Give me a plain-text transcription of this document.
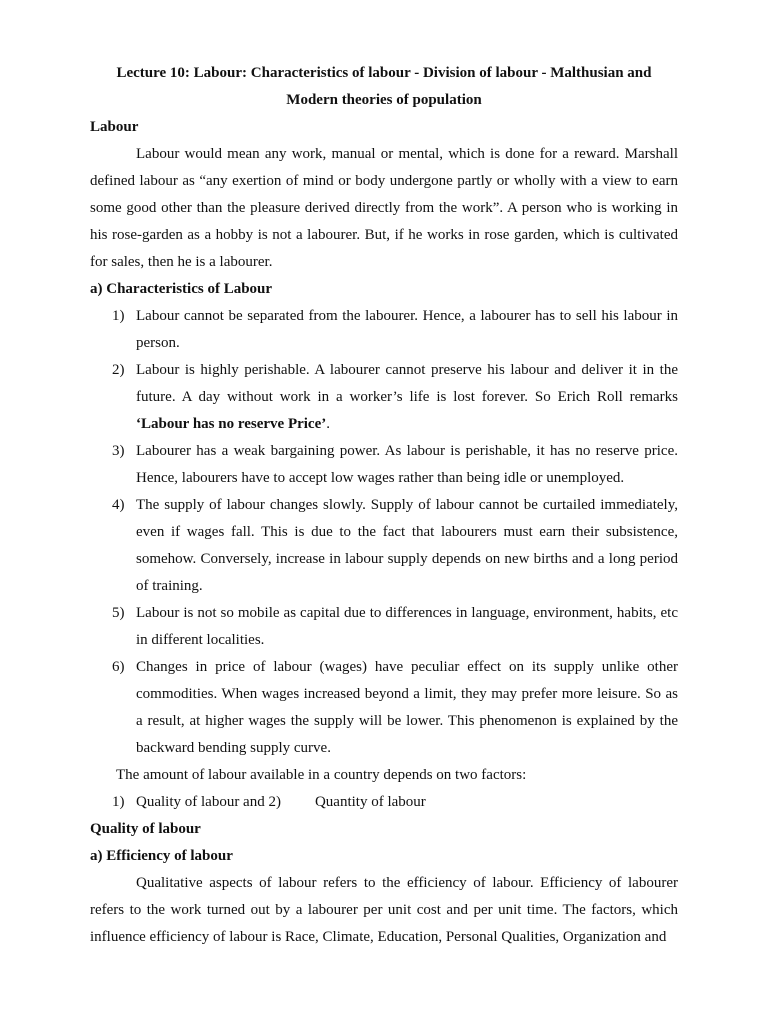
Lecture 10: Labour: Characteristics of labour - Division of labour - Malthusian and
Modern theories of population
Labour

Labour would mean any work, manual or mental, which is done for a reward. Marshall defined labour as “any exertion of mind or body undergone partly or wholly with a view to earn some good other than the pleasure derived directly from the work”. A person who is working in his rose-garden as a hobby is not a labourer. But, if he works in rose garden, which is cultivated for sales, then he is a labourer.

a) Characteristics of Labour
1) Labour cannot be separated from the labourer. Hence, a labourer has to sell his labour in person.
2) Labour is highly perishable. A labourer cannot preserve his labour and deliver it in the future. A day without work in a worker’s life is lost forever. So Erich Roll remarks ‘Labour has no reserve Price’.
3) Labourer has a weak bargaining power. As labour is perishable, it has no reserve price. Hence, labourers have to accept low wages rather than being idle or unemployed.
4) The supply of labour changes slowly. Supply of labour cannot be curtailed immediately, even if wages fall. This is due to the fact that labourers must earn their subsistence, somehow. Conversely, increase in labour supply depends on new births and a long period of training.
5) Labour is not so mobile as capital due to differences in language, environment, habits, etc in different localities.
6) Changes in price of labour (wages) have peculiar effect on its supply unlike other commodities. When wages increased beyond a limit, they may prefer more leisure. So as a result, at higher wages the supply will be lower. This phenomenon is explained by the backward bending supply curve.

The amount of labour available in a country depends on two factors:

1) Quality of labour and 2) Quantity of labour

Quality of labour
a) Efficiency of labour

Qualitative aspects of labour refers to the efficiency of labour. Efficiency of labourer refers to the work turned out by a labourer per unit cost and per unit time. The factors, which influence efficiency of labour is Race, Climate, Education, Personal Qualities, Organization and
